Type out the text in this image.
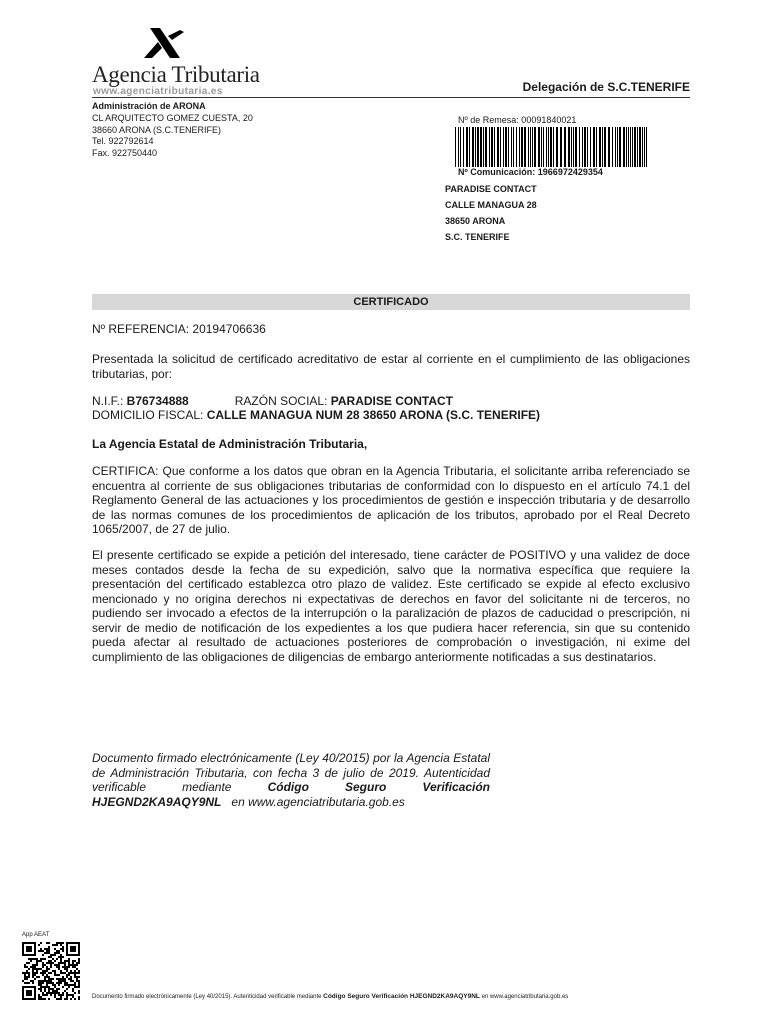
Agencia Tributaria
www.agenciatributaria.es	Delegación de S.C.TENERIFE
Administración de ARONA
CL ARQUITECTO GOMEZ CUESTA, 20
38660 ARONA (S.C.TENERIFE)
Tel. 922792614
Fax. 922750440
Nº de Remesa: 00091840021
Nº Comunicación: 1966972429354
PARADISE CONTACT
CALLE MANAGUA 28
38650 ARONA
S.C. TENERIFE
CERTIFICADO
Nº REFERENCIA: 20194706636
Presentada la solicitud de certificado acreditativo de estar al corriente en el cumplimiento de las obligaciones tributarias, por:
N.I.F.: B76734888	RAZÓN SOCIAL: PARADISE CONTACT
DOMICILIO FISCAL: CALLE MANAGUA NUM 28 38650 ARONA (S.C. TENERIFE)
La Agencia Estatal de Administración Tributaria,
CERTIFICA: Que conforme a los datos que obran en la Agencia Tributaria, el solicitante arriba referenciado se encuentra al corriente de sus obligaciones tributarias de conformidad con lo dispuesto en el artículo 74.1 del Reglamento General de las actuaciones y los procedimientos de gestión e inspección tributaria y de desarrollo de las normas comunes de los procedimientos de aplicación de los tributos, aprobado por el Real Decreto 1065/2007, de 27 de julio.
El presente certificado se expide a petición del interesado, tiene carácter de POSITIVO y una validez de doce meses contados desde la fecha de su expedición, salvo que la normativa específica que requiere la presentación del certificado establezca otro plazo de validez. Este certificado se expide al efecto exclusivo mencionado y no origina derechos ni expectativas de derechos en favor del solicitante ni de terceros, no pudiendo ser invocado a efectos de la interrupción o la paralización de plazos de caducidad o prescripción, ni servir de medio de notificación de los expedientes a los que pudiera hacer referencia, sin que su contenido pueda afectar al resultado de actuaciones posteriores de comprobación o investigación, ni exime del cumplimiento de las obligaciones de diligencias de embargo anteriormente notificadas a sus destinatarios.
Documento firmado electrónicamente (Ley 40/2015) por la Agencia Estatal de Administración Tributaria, con fecha 3 de julio de 2019. Autenticidad verificable mediante Código Seguro Verificación HJEGND2KA9AQY9NL en www.agenciatributaria.gob.es
App AEAT
Documento firmado electrónicamente (Ley 40/2015). Autenticidad verificable mediante Código Seguro Verificación HJEGND2KA9AQY9NL en www.agenciatributaria.gob.es
